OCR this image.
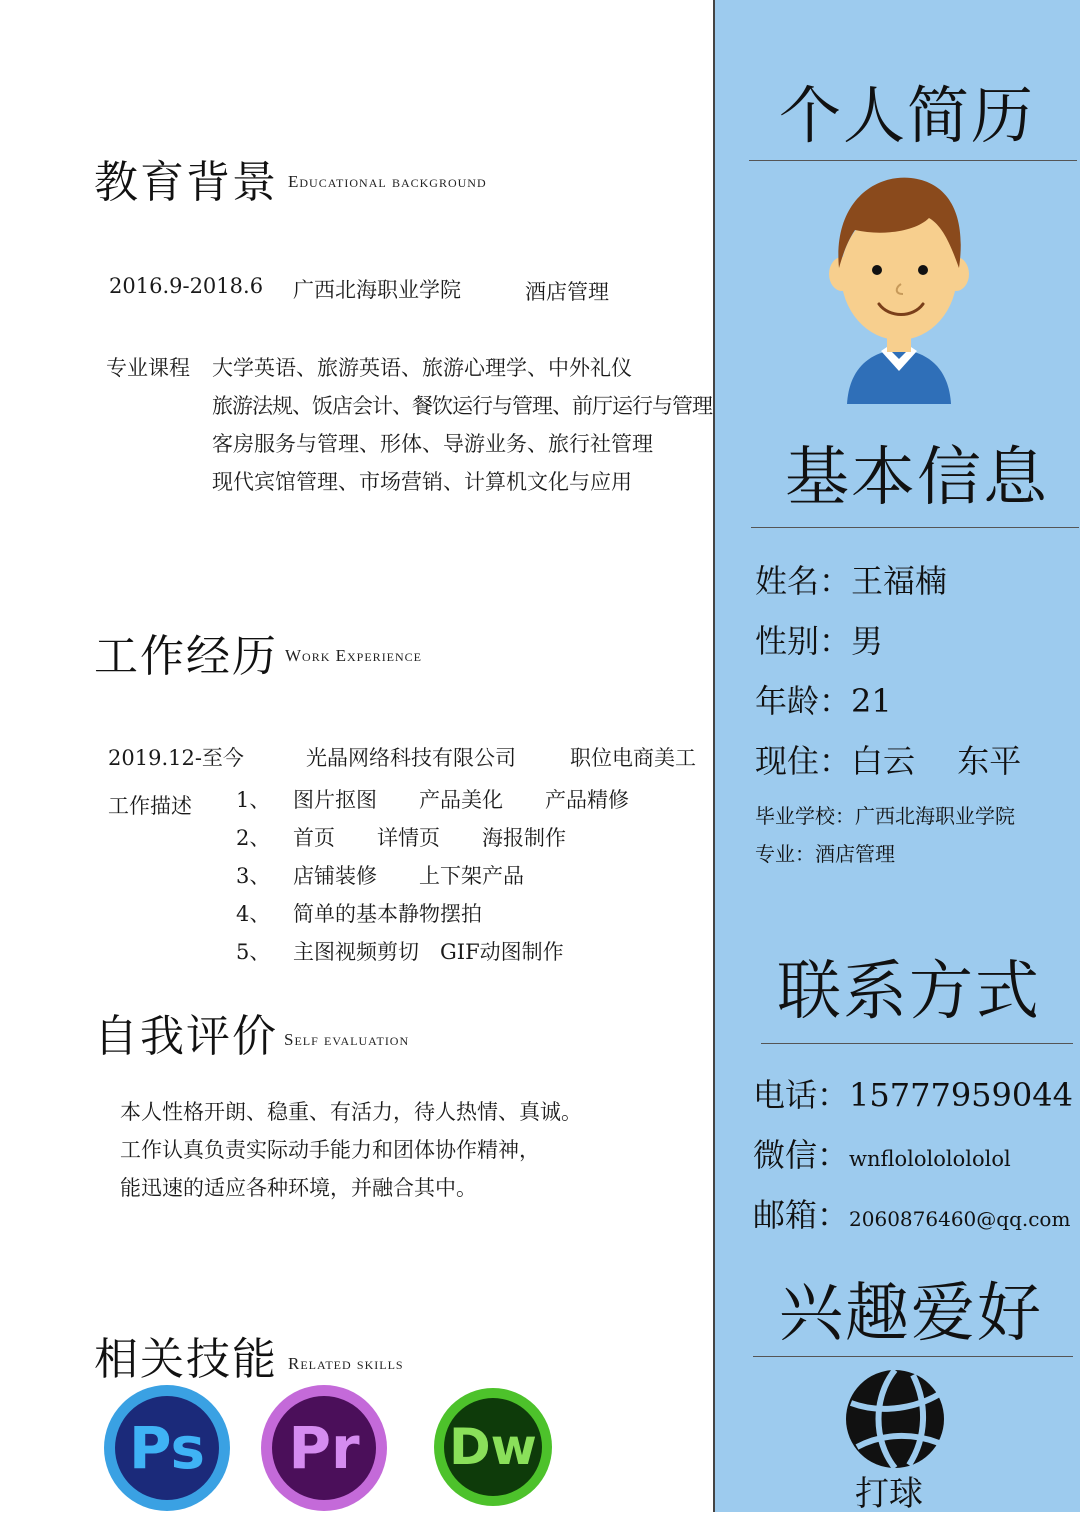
教育背景 Educational background
2016.9-2018.6 广西北海职业学院	酒店管理
专业课程 大学英语、旅游英语、旅游心理学、中外礼仪
旅游法规、饭店会计、餐饮运行与管理、前厅运行与管理
客房服务与管理、形体、导游业务、旅行社管理
现代宾馆管理、市场营销、计算机文化与应用
工作经历 Work Experience
2019.12-至今	光晶网络科技有限公司	职位电商美工
工作描述 1、 图片抠图　　产品美化　　产品精修
2、 首页　　详情页　　海报制作
3、 店铺装修　　上下架产品
4、 简单的基本静物摆拍
5、 主图视频剪切　GIF动图制作
自我评价 Self evaluation
本人性格开朗、稳重、有活力，待人热情、真诚。
工作认真负责实际动手能力和团体协作精神，
能迅速的适应各种环境，并融合其中。
相关技能 Related skills
Ps Pr	Dw
个人简历
基本信息
姓名：王福楠
性别：男
年龄：21
现住：白云　 东平
毕业学校：广西北海职业学院
专业：酒店管理
联系方式
电话：15777959044
微信：wnflolololololol
邮箱：2060876460@qq.com
兴趣爱好
打球
